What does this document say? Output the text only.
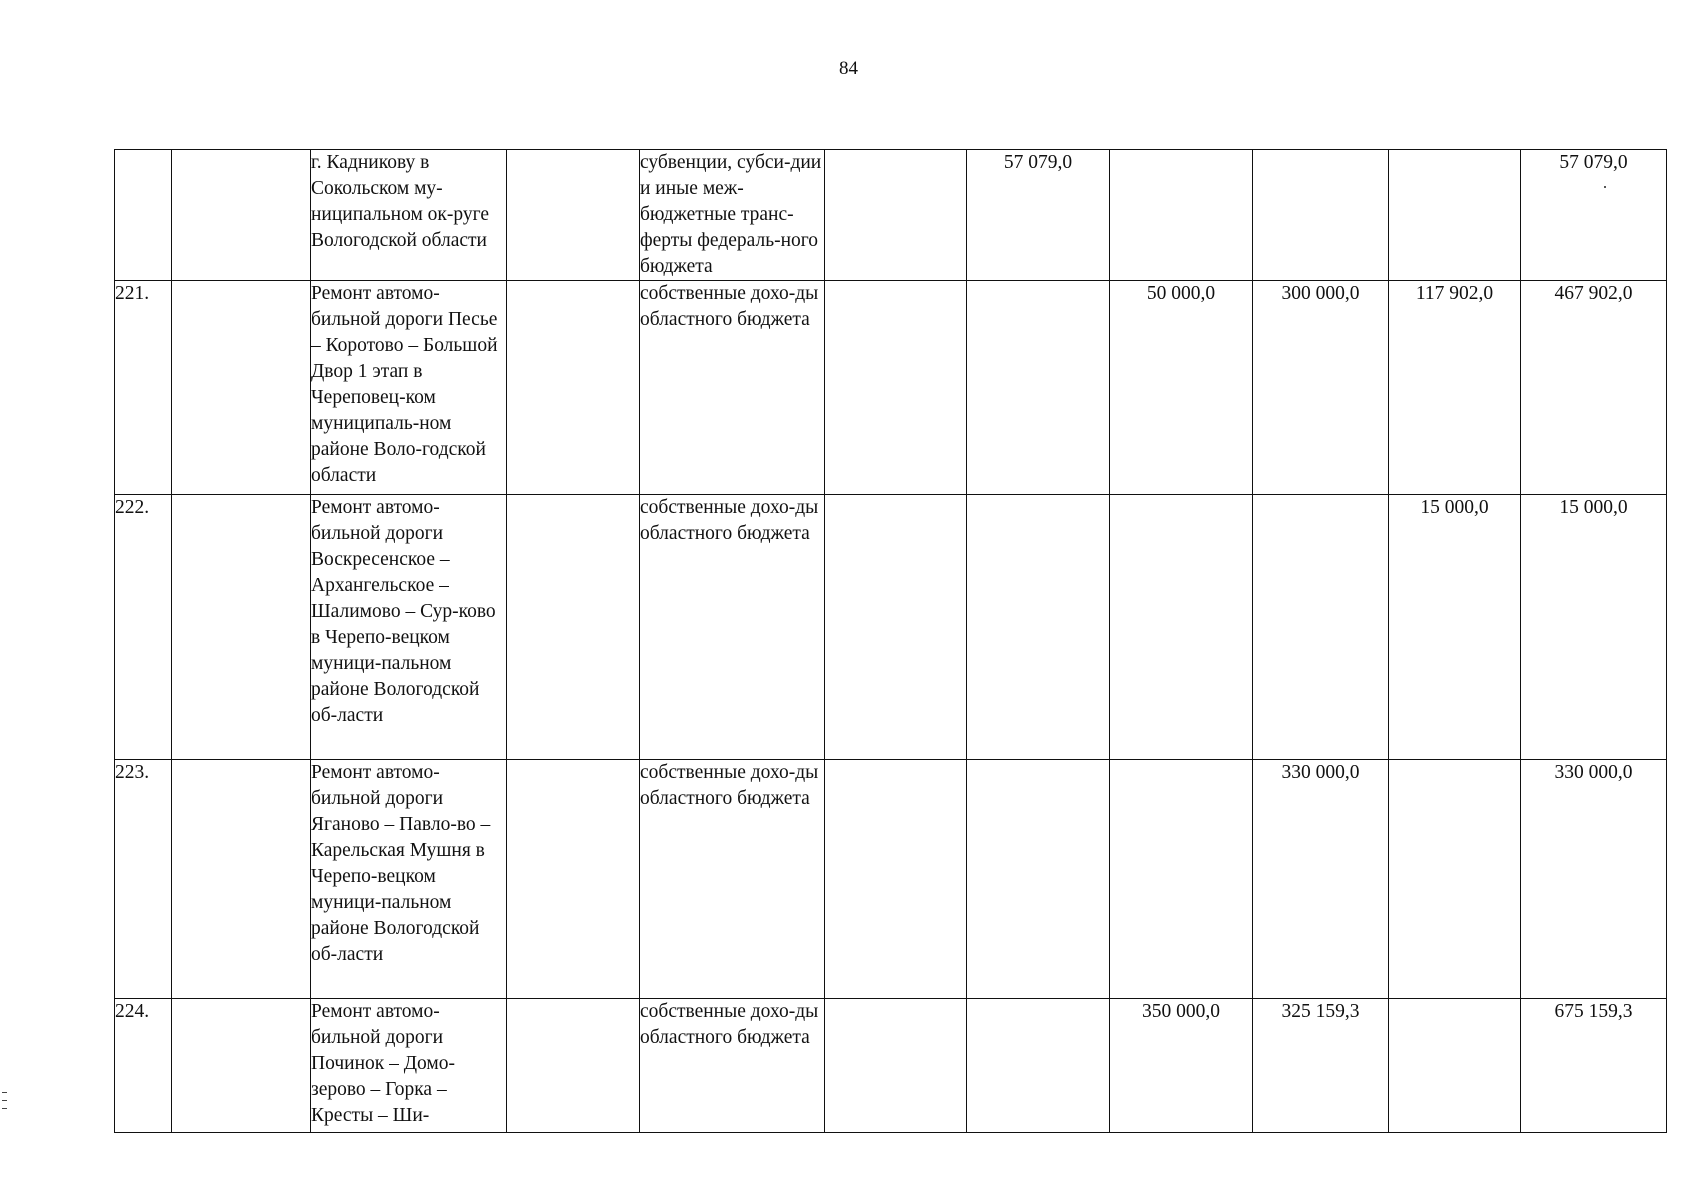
84
		г. Кадникову в Сокольском му-ниципальном ок-руге Вологодской области		субвенции, субси-дии и иные меж-бюджетные транс-ферты федераль-ного бюджета		57 079,0				57 079,0
221.		Ремонт автомо-бильной дороги Песье – Коротово – Большой Двор 1 этап в Череповец-ком муниципаль-ном районе Воло-годской области		собственные дохо-ды областного бюджета			50 000,0	300 000,0	117 902,0	467 902,0
222.		Ремонт автомо-бильной дороги Воскресенское – Архангельское – Шалимово – Сур-ково в Черепо-вецком муници-пальном районе Вологодской об-ласти		собственные дохо-ды областного бюджета					15 000,0	15 000,0
223.		Ремонт автомо-бильной дороги Яганово – Павло-во – Карельская Мушня в Черепо-вецком муници-пальном районе Вологодской об-ласти		собственные дохо-ды областного бюджета				330 000,0		330 000,0
224.		Ремонт автомо-бильной дороги Починок – Домо-зерово – Горка – Кресты – Ши-		собственные дохо-ды областного бюджета			350 000,0	325 159,3		675 159,3
